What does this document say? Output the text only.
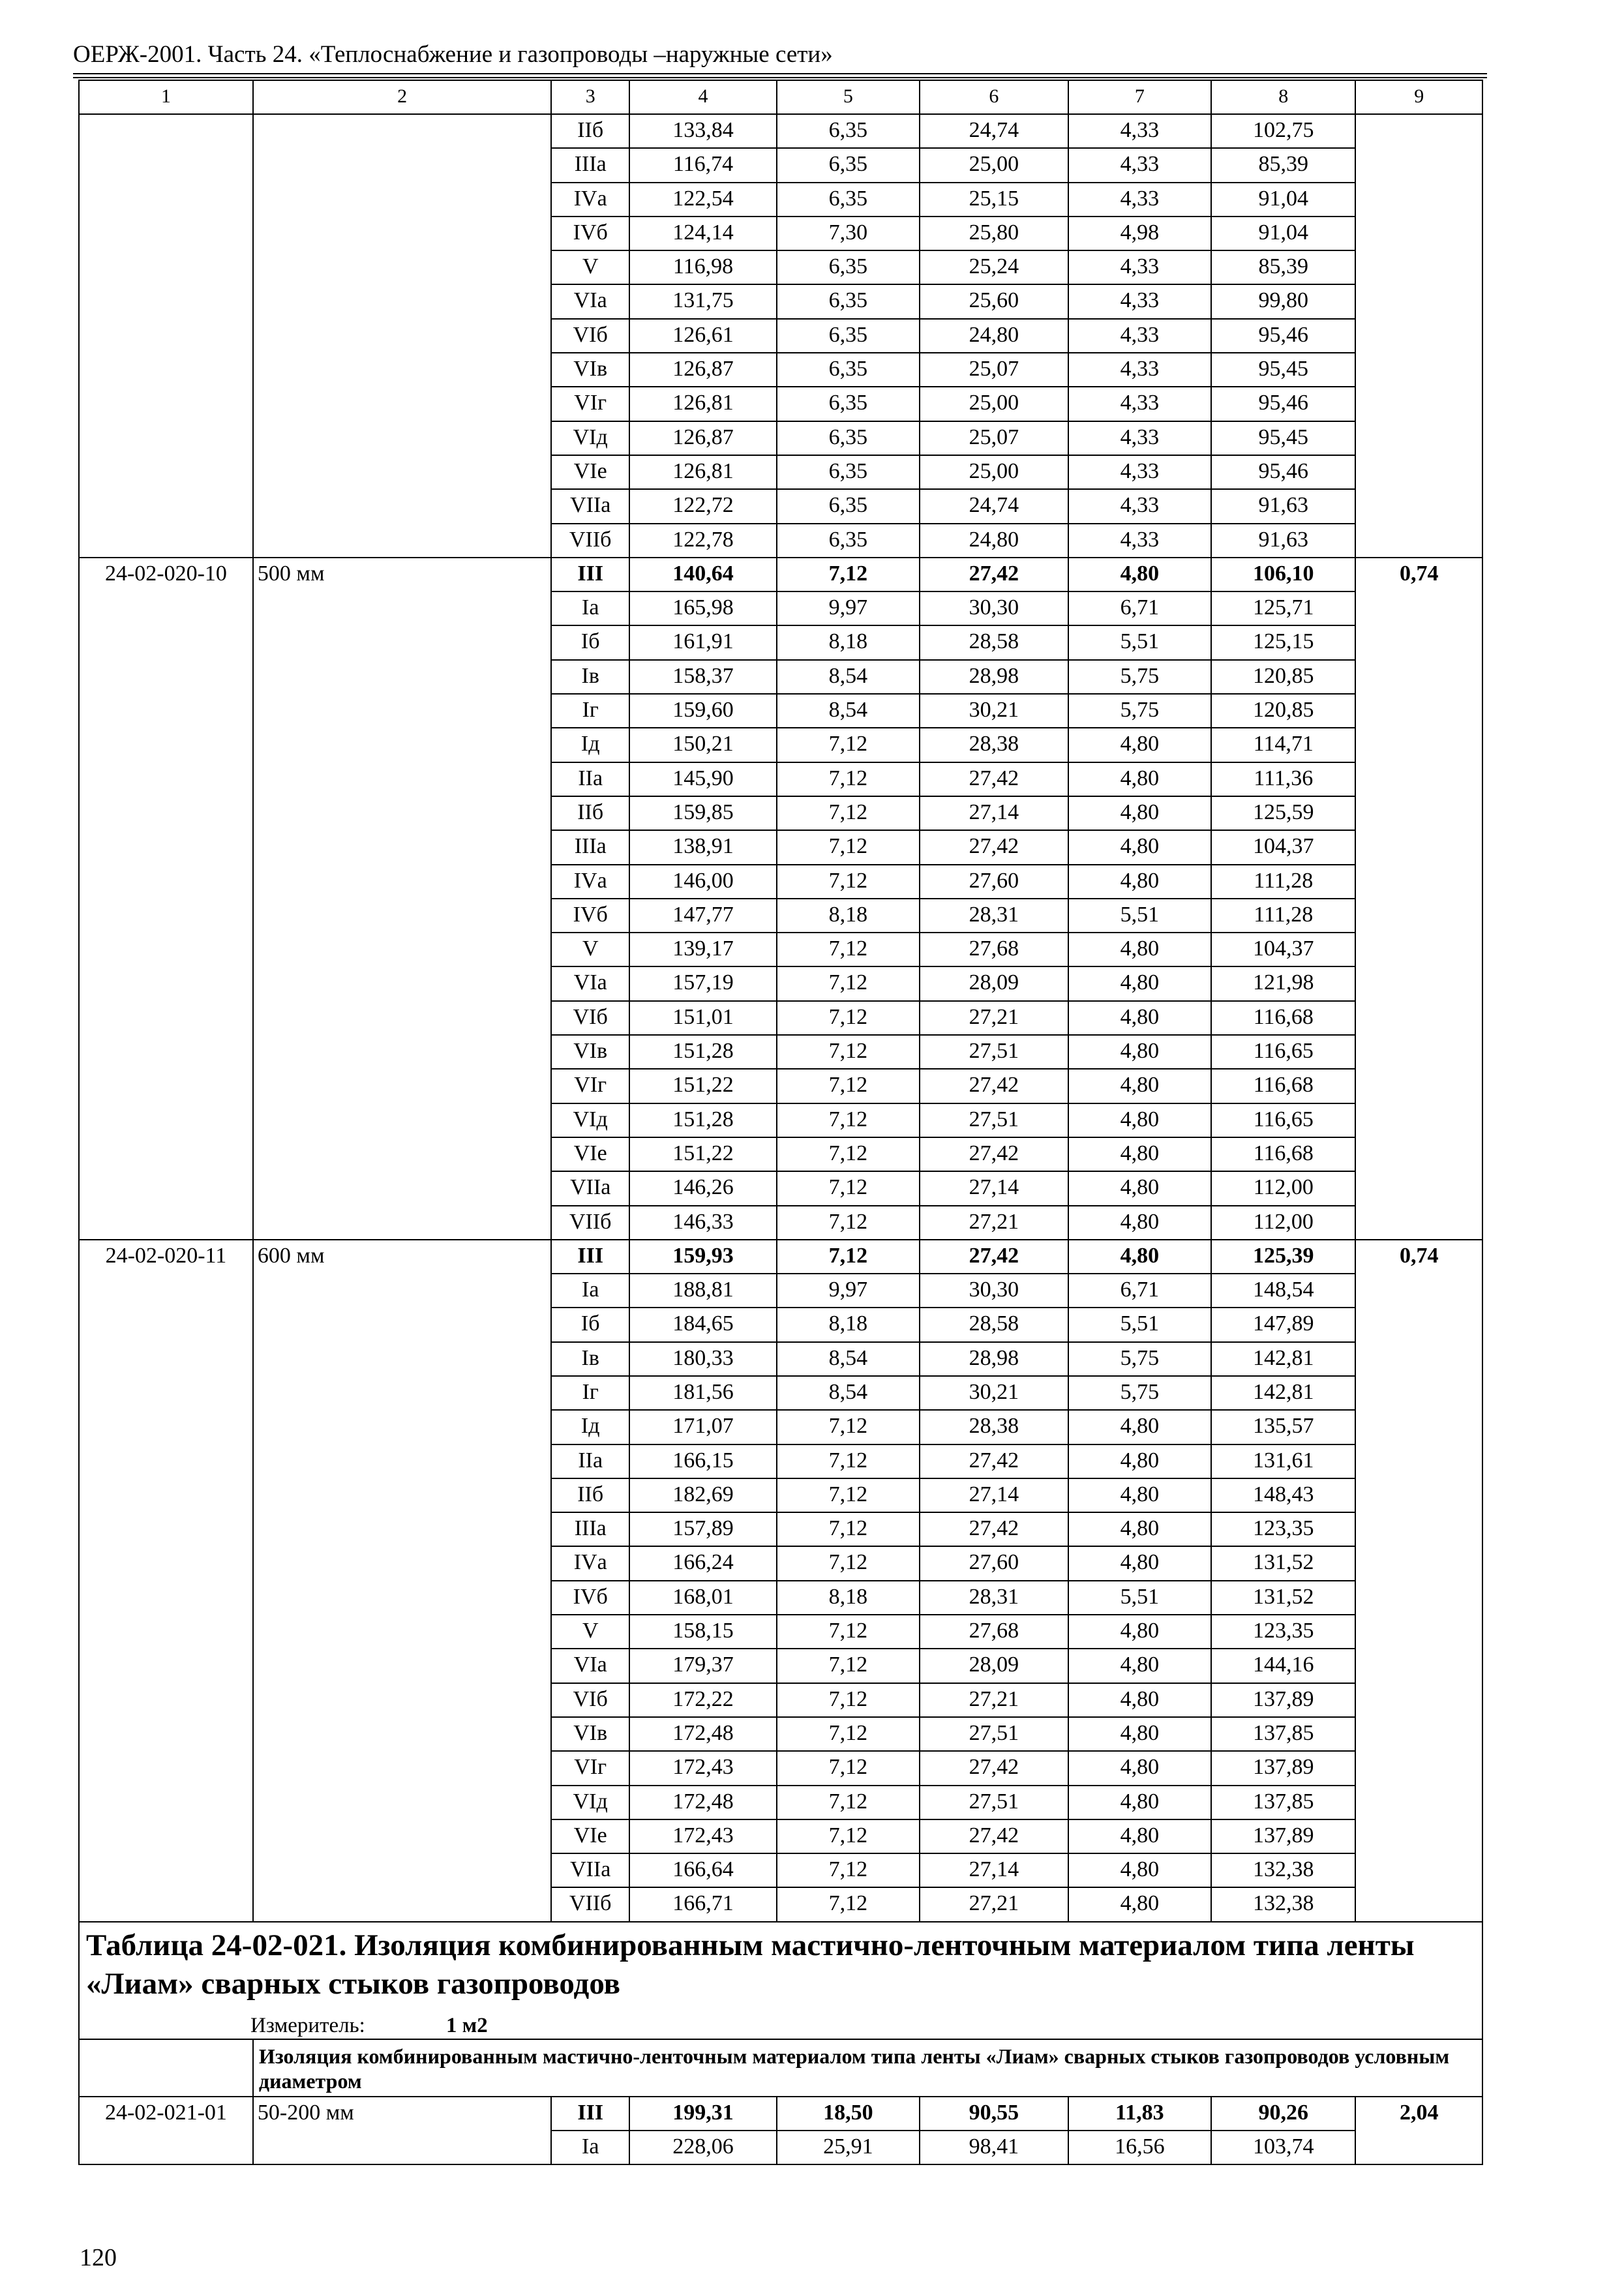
ОЕРЖ-2001. Часть 24. «Теплоснабжение и газопроводы –наружные сети»
1	2	3	4	5	6	7	8	9
		IIб	133,84	6,35	24,74	4,33	102,75	
		IIIа	116,74	6,35	25,00	4,33	85,39	
		IVа	122,54	6,35	25,15	4,33	91,04	
		IVб	124,14	7,30	25,80	4,98	91,04	
		V	116,98	6,35	25,24	4,33	85,39	
		VIа	131,75	6,35	25,60	4,33	99,80	
		VIб	126,61	6,35	24,80	4,33	95,46	
		VIв	126,87	6,35	25,07	4,33	95,45	
		VIг	126,81	6,35	25,00	4,33	95,46	
		VIд	126,87	6,35	25,07	4,33	95,45	
		VIе	126,81	6,35	25,00	4,33	95,46	
		VIIа	122,72	6,35	24,74	4,33	91,63	
		VIIб	122,78	6,35	24,80	4,33	91,63	
24-02-020-10	500 мм	III	140,64	7,12	27,42	4,80	106,10	0,74
		Iа	165,98	9,97	30,30	6,71	125,71	
		Iб	161,91	8,18	28,58	5,51	125,15	
		Iв	158,37	8,54	28,98	5,75	120,85	
		Iг	159,60	8,54	30,21	5,75	120,85	
		Iд	150,21	7,12	28,38	4,80	114,71	
		IIа	145,90	7,12	27,42	4,80	111,36	
		IIб	159,85	7,12	27,14	4,80	125,59	
		IIIа	138,91	7,12	27,42	4,80	104,37	
		IVа	146,00	7,12	27,60	4,80	111,28	
		IVб	147,77	8,18	28,31	5,51	111,28	
		V	139,17	7,12	27,68	4,80	104,37	
		VIа	157,19	7,12	28,09	4,80	121,98	
		VIб	151,01	7,12	27,21	4,80	116,68	
		VIв	151,28	7,12	27,51	4,80	116,65	
		VIг	151,22	7,12	27,42	4,80	116,68	
		VIд	151,28	7,12	27,51	4,80	116,65	
		VIе	151,22	7,12	27,42	4,80	116,68	
		VIIа	146,26	7,12	27,14	4,80	112,00	
		VIIб	146,33	7,12	27,21	4,80	112,00	
24-02-020-11	600 мм	III	159,93	7,12	27,42	4,80	125,39	0,74
		Iа	188,81	9,97	30,30	6,71	148,54	
		Iб	184,65	8,18	28,58	5,51	147,89	
		Iв	180,33	8,54	28,98	5,75	142,81	
		Iг	181,56	8,54	30,21	5,75	142,81	
		Iд	171,07	7,12	28,38	4,80	135,57	
		IIа	166,15	7,12	27,42	4,80	131,61	
		IIб	182,69	7,12	27,14	4,80	148,43	
		IIIа	157,89	7,12	27,42	4,80	123,35	
		IVа	166,24	7,12	27,60	4,80	131,52	
		IVб	168,01	8,18	28,31	5,51	131,52	
		V	158,15	7,12	27,68	4,80	123,35	
		VIа	179,37	7,12	28,09	4,80	144,16	
		VIб	172,22	7,12	27,21	4,80	137,89	
		VIв	172,48	7,12	27,51	4,80	137,85	
		VIг	172,43	7,12	27,42	4,80	137,89	
		VIд	172,48	7,12	27,51	4,80	137,85	
		VIе	172,43	7,12	27,42	4,80	137,89	
		VIIа	166,64	7,12	27,14	4,80	132,38	
		VIIб	166,71	7,12	27,21	4,80	132,38	

Таблица 24-02-021. Изоляция комбинированным мастично-ленточным материалом типа ленты «Лиам» сварных стыков газопроводов
Измеритель: 1 м2								

	Изоляция комбинированным мастично-ленточным материалом типа ленты «Лиам» сварных стыков газопроводов условным диаметром							
24-02-021-01	50-200 мм	III	199,31	18,50	90,55	11,83	90,26	2,04
		Iа	228,06	25,91	98,41	16,56	103,74	
120
